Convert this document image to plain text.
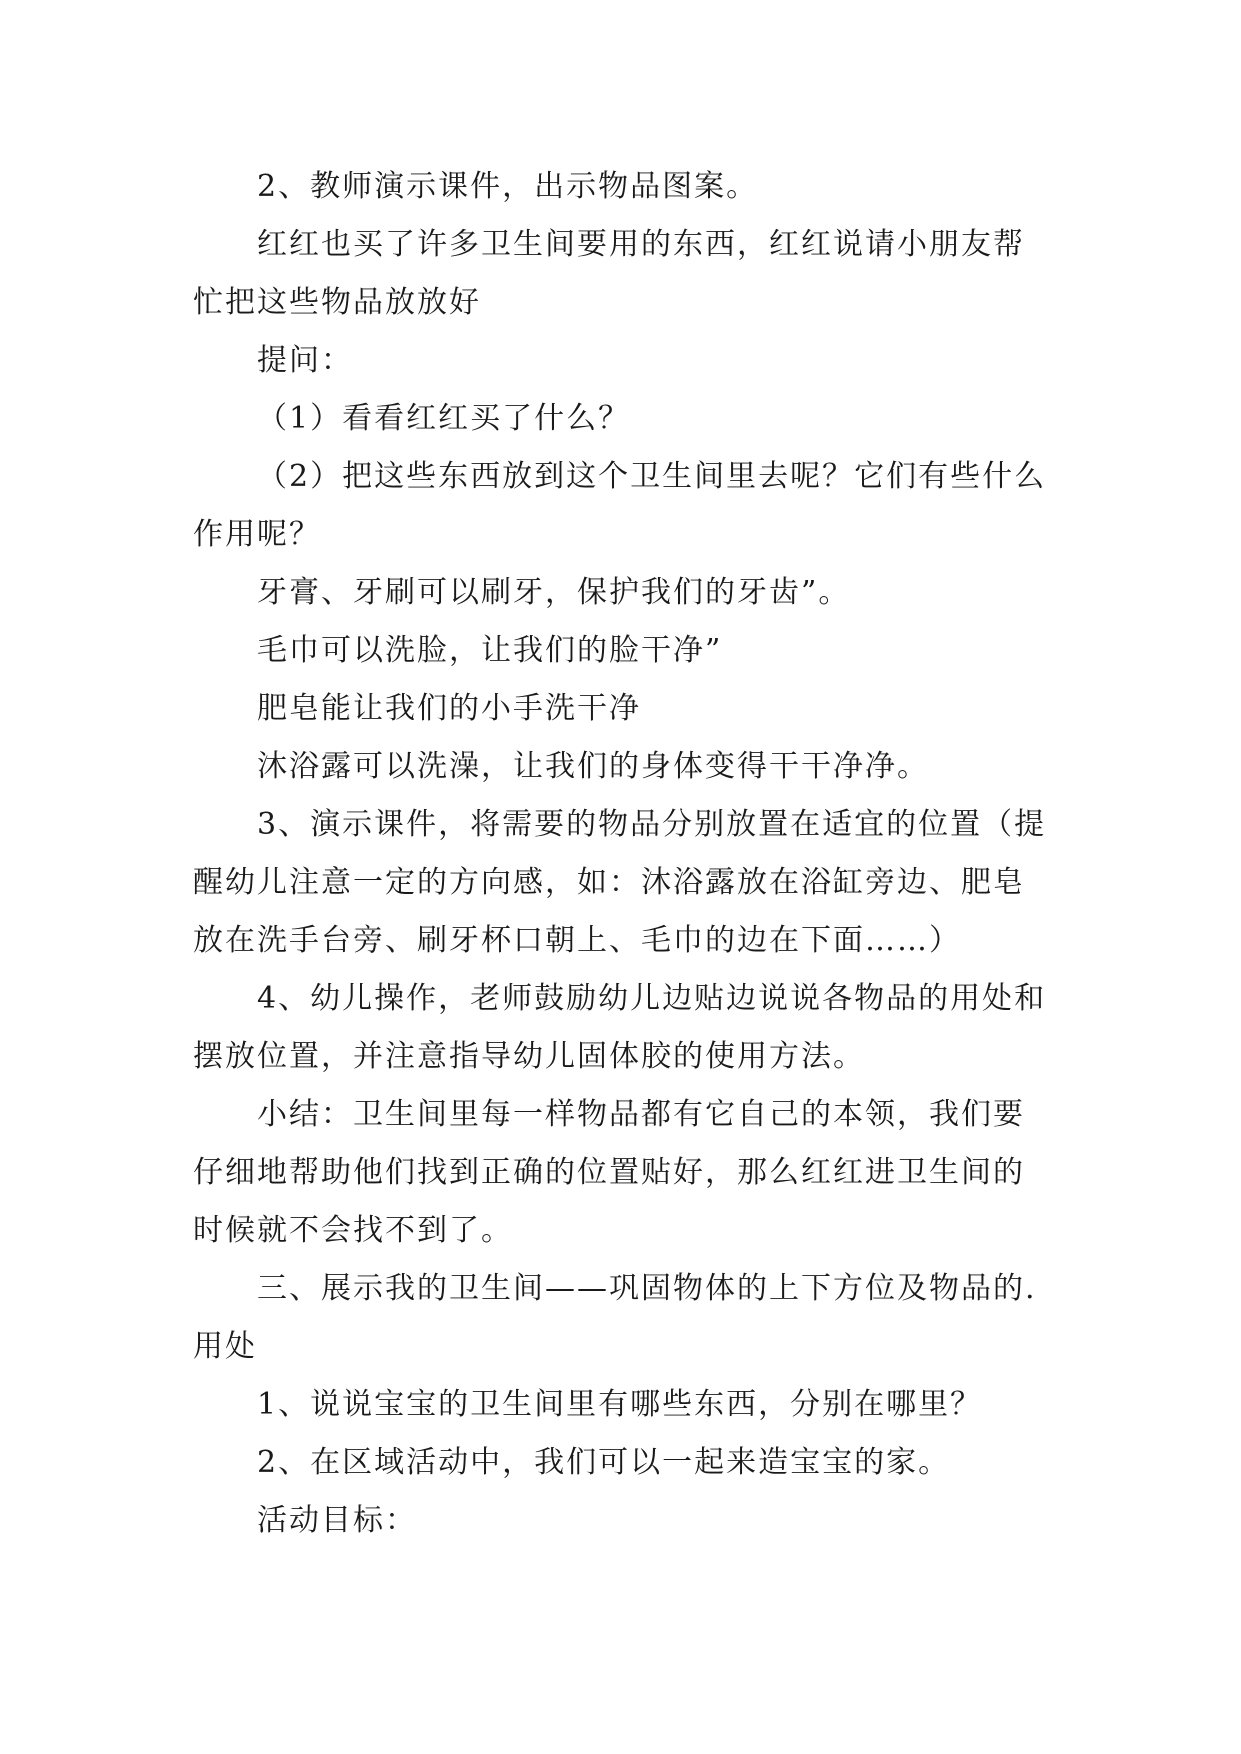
2、教师演示课件，出示物品图案。

红红也买了许多卫生间要用的东西，红红说请小朋友帮忙把这些物品放放好

提问：

（1）看看红红买了什么？

（2）把这些东西放到这个卫生间里去呢？它们有些什么作用呢？

牙膏、牙刷可以刷牙，保护我们的牙齿”。

毛巾可以洗脸，让我们的脸干净”

肥皂能让我们的小手洗干净

沐浴露可以洗澡，让我们的身体变得干干净净。

3、演示课件，将需要的物品分别放置在适宜的位置（提醒幼儿注意一定的方向感，如：沐浴露放在浴缸旁边、肥皂放在洗手台旁、刷牙杯口朝上、毛巾的边在下面……）

4、幼儿操作，老师鼓励幼儿边贴边说说各物品的用处和摆放位置，并注意指导幼儿固体胶的使用方法。

小结：卫生间里每一样物品都有它自己的本领，我们要仔细地帮助他们找到正确的位置贴好，那么红红进卫生间的时候就不会找不到了。

三、展示我的卫生间——巩固物体的上下方位及物品的.用处

1、说说宝宝的卫生间里有哪些东西，分别在哪里？

2、在区域活动中，我们可以一起来造宝宝的家。

活动目标：
